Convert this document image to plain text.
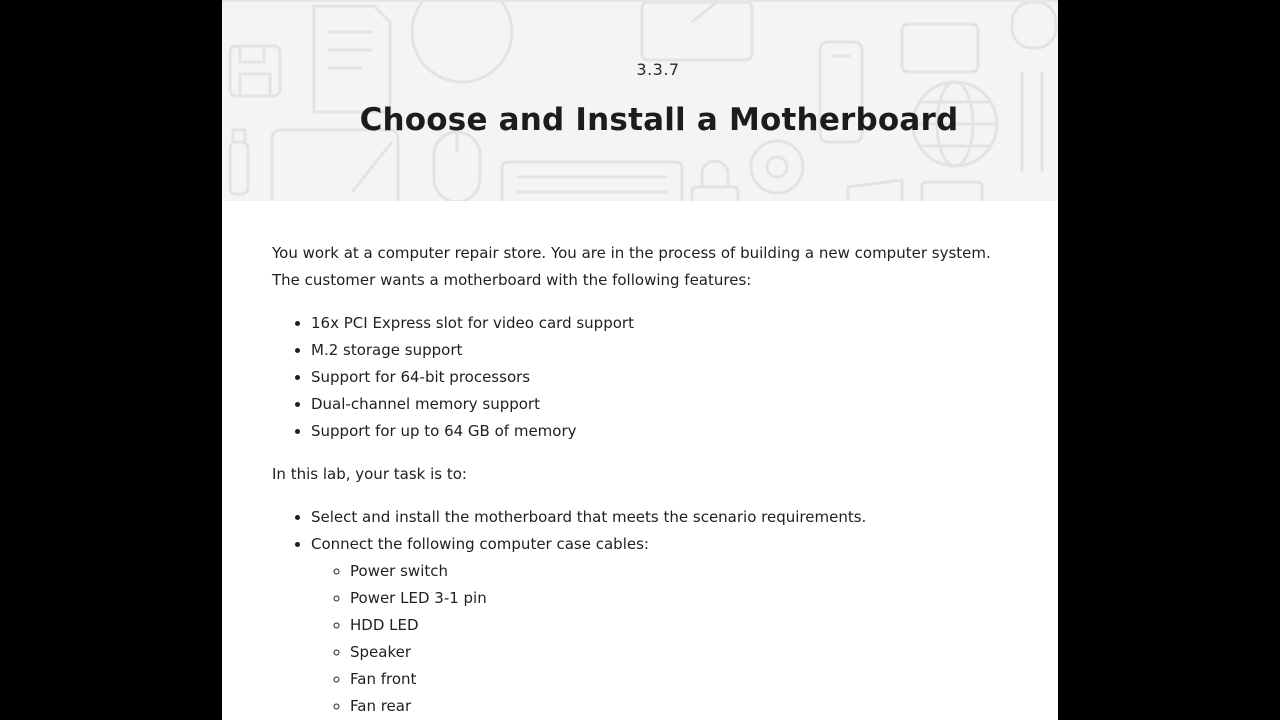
3.3.7
Choose and Install a Motherboard

You work at a computer repair store. You are in the process of building a new computer system. The customer wants a motherboard with the following features:

• 16x PCI Express slot for video card support
• M.2 storage support
• Support for 64-bit processors
• Dual-channel memory support
• Support for up to 64 GB of memory

In this lab, your task is to:

• Select and install the motherboard that meets the scenario requirements.
• Connect the following computer case cables:
◦ Power switch
◦ Power LED 3-1 pin
◦ HDD LED
◦ Speaker
◦ Fan front
◦ Fan rear
